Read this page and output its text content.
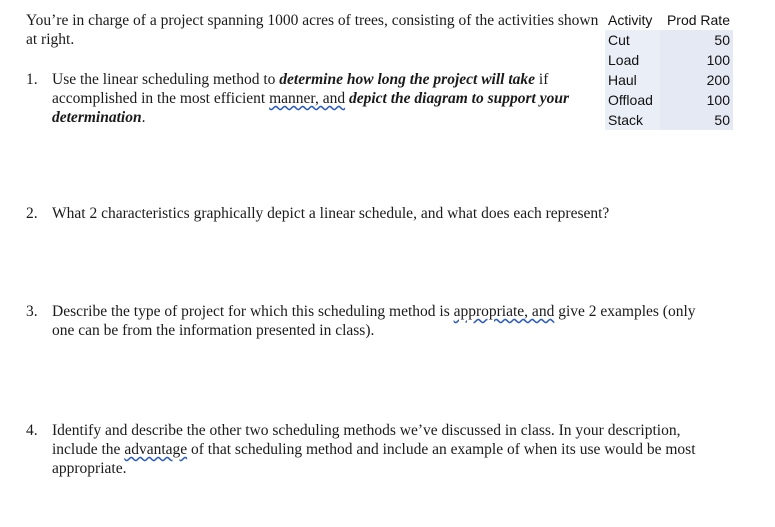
You’re in charge of a project spanning 1000 acres of trees, consisting of the activities shown at right.
Activity	Prod Rate
Cut	50
Load	100
Haul	200
Offload	100
Stack	50
1. Use the linear scheduling method to determine how long the project will take if accomplished in the most efficient manner, and depict the diagram to support your determination.
2. What 2 characteristics graphically depict a linear schedule, and what does each represent?
3. Describe the type of project for which this scheduling method is appropriate, and give 2 examples (only one can be from the information presented in class).
4. Identify and describe the other two scheduling methods we’ve discussed in class. In your description, include the advantage of that scheduling method and include an example of when its use would be most appropriate.
